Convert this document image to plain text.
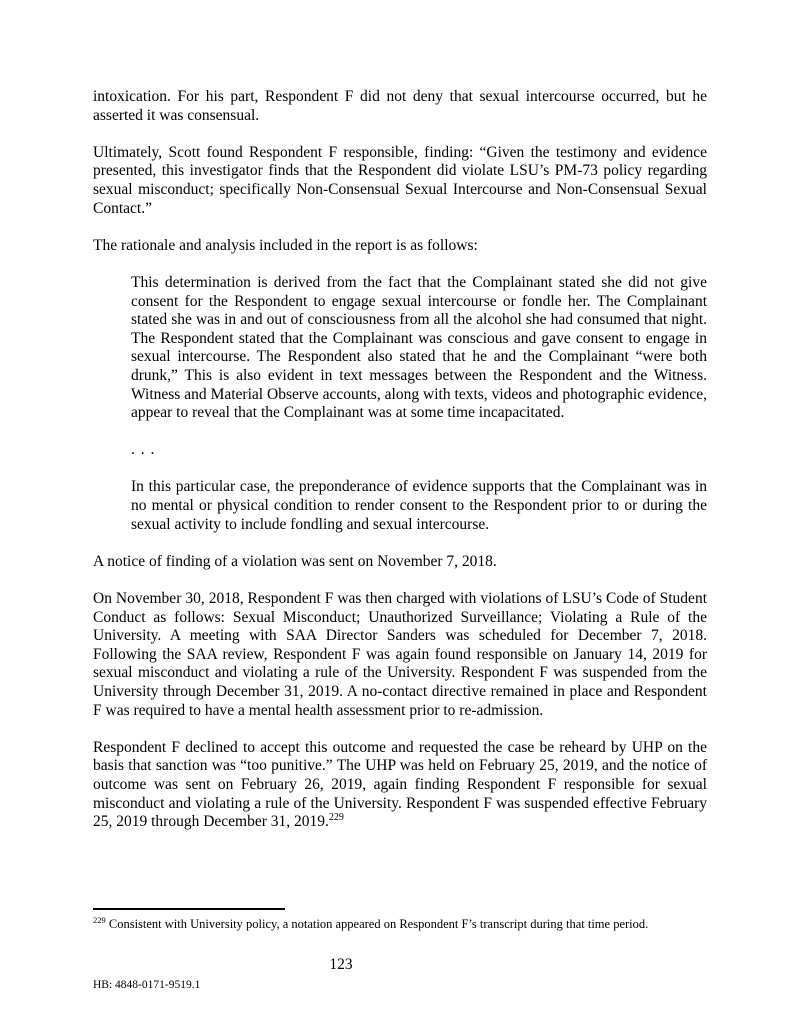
intoxication. For his part, Respondent F did not deny that sexual intercourse occurred, but he asserted it was consensual.

Ultimately, Scott found Respondent F responsible, finding: “Given the testimony and evidence presented, this investigator finds that the Respondent did violate LSU’s PM-73 policy regarding sexual misconduct; specifically Non-Consensual Sexual Intercourse and Non-Consensual Sexual Contact.”

The rationale and analysis included in the report is as follows:

This determination is derived from the fact that the Complainant stated she did not give consent for the Respondent to engage sexual intercourse or fondle her. The Complainant stated she was in and out of consciousness from all the alcohol she had consumed that night. The Respondent stated that the Complainant was conscious and gave consent to engage in sexual intercourse. The Respondent also stated that he and the Complainant “were both drunk,” This is also evident in text messages between the Respondent and the Witness. Witness and Material Observe accounts, along with texts, videos and photographic evidence, appear to reveal that the Complainant was at some time incapacitated.
. . .
In this particular case, the preponderance of evidence supports that the Complainant was in no mental or physical condition to render consent to the Respondent prior to or during the sexual activity to include fondling and sexual intercourse.

A notice of finding of a violation was sent on November 7, 2018.

On November 30, 2018, Respondent F was then charged with violations of LSU’s Code of Student Conduct as follows: Sexual Misconduct; Unauthorized Surveillance; Violating a Rule of the University. A meeting with SAA Director Sanders was scheduled for December 7, 2018. Following the SAA review, Respondent F was again found responsible on January 14, 2019 for sexual misconduct and violating a rule of the University. Respondent F was suspended from the University through December 31, 2019. A no-contact directive remained in place and Respondent F was required to have a mental health assessment prior to re-admission.

Respondent F declined to accept this outcome and requested the case be reheard by UHP on the basis that sanction was “too punitive.” The UHP was held on February 25, 2019, and the notice of outcome was sent on February 26, 2019, again finding Respondent F responsible for sexual misconduct and violating a rule of the University. Respondent F was suspended effective February 25, 2019 through December 31, 2019.$^{229}$

$^{229}$ Consistent with University policy, a notation appeared on Respondent F’s transcript during that time period.

123
HB: 4848-0171-9519.1
